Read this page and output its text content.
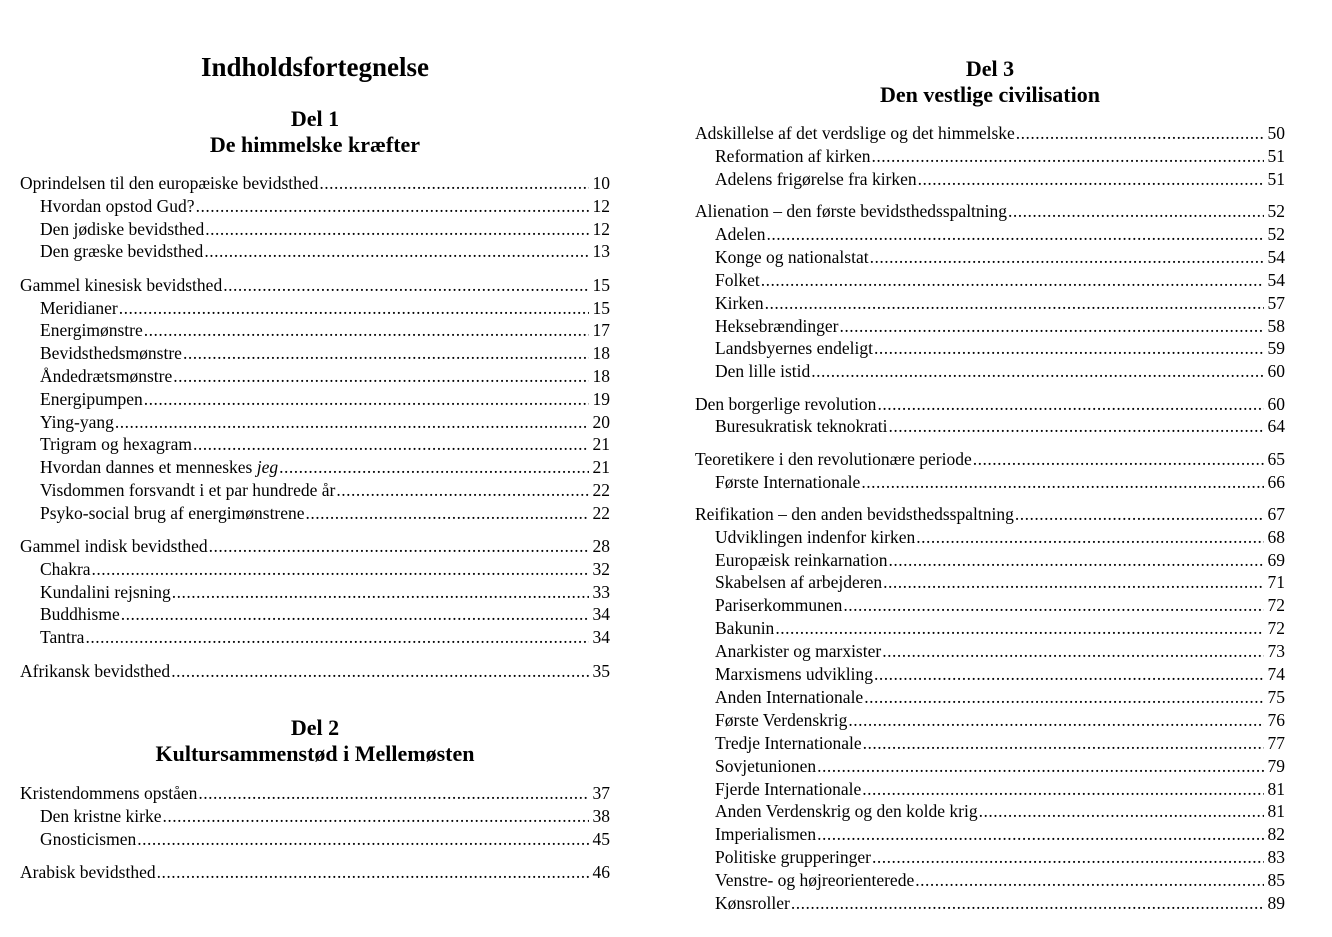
Indholdsfortegnelse
Del 1
De himmelske kræfter
Oprindelsen til den europæiske bevidsthed .....	10
Hvordan opstod Gud? .....	12
Den jødiske bevidsthed .....	12
Den græske bevidsthed .....	13
Gammel kinesisk bevidsthed .....	15
Meridianer .....	15
Energimønstre .....	17
Bevidsthedsmønstre .....	18
Åndedrætsmønstre .....	18
Energipumpen .....	19
Ying-yang .....	20
Trigram og hexagram .....	21
Hvordan dannes et menneskes jeg .....	21
Visdommen forsvandt i et par hundrede år .....	22
Psyko-social brug af energimønstrene .....	22
Gammel indisk bevidsthed .....	28
Chakra .....	32
Kundalini rejsning .....	33
Buddhisme .....	34
Tantra .....	34
Afrikansk bevidsthed .....	35
Del 2
Kultursammenstød i Mellemøsten
Kristendommens opståen .....	37
Den kristne kirke .....	38
Gnosticismen .....	45
Arabisk bevidsthed .....	46
Del 3
Den vestlige civilisation
Adskillelse af det verdslige og det himmelske .....	50
Reformation af kirken .....	51
Adelens frigørelse fra kirken .....	51
Alienation – den første bevidsthedsspaltning .....	52
Adelen .....	52
Konge og nationalstat .....	54
Folket .....	54
Kirken .....	57
Heksebrændinger .....	58
Landsbyernes endeligt .....	59
Den lille istid .....	60
Den borgerlige revolution .....	60
Buresukratisk teknokrati .....	64
Teoretikere i den revolutionære periode .....	65
Første Internationale .....	66
Reifikation – den anden bevidsthedsspaltning .....	67
Udviklingen indenfor kirken .....	68
Europæisk reinkarnation .....	69
Skabelsen af arbejderen .....	71
Pariserkommunen .....	72
Bakunin .....	72
Anarkister og marxister .....	73
Marxismens udvikling .....	74
Anden Internationale .....	75
Første Verdenskrig .....	76
Tredje Internationale .....	77
Sovjetunionen .....	79
Fjerde Internationale .....	81
Anden Verdenskrig og den kolde krig .....	81
Imperialismen .....	82
Politiske grupperinger .....	83
Venstre- og højreorienterede .....	85
Kønsroller .....	89
